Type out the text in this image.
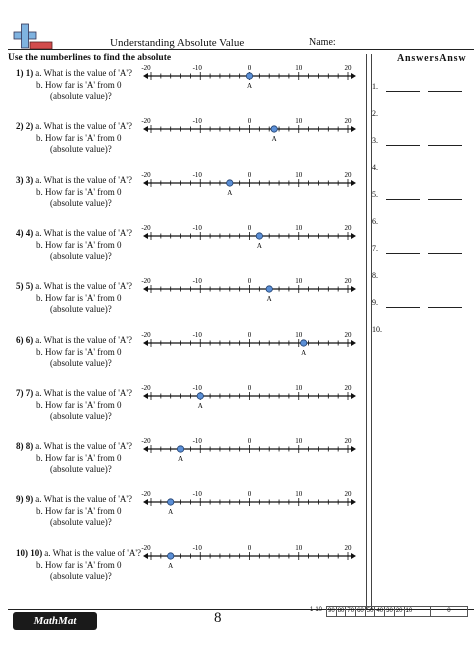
Understanding Absolute Value	Name:
Use the numberlines to find the absolute	AnswersAnsw
1) 1) a. What is the value of 'A'?
b. How far is 'A' from 0
(absolute value)?
-20	-10	0	10	20
A
2) 2) a. What is the value of 'A'?
b. How far is 'A' from 0
(absolute value)?
-20	-10	0	10	20
A
3) 3) a. What is the value of 'A'?
b. How far is 'A' from 0
(absolute value)?
-20	-10	0	10	20
A
4) 4) a. What is the value of 'A'?
b. How far is 'A' from 0
(absolute value)?
-20	-10	0	10	20
A
5) 5) a. What is the value of 'A'?
b. How far is 'A' from 0
(absolute value)?
-20	-10	0	10	20
A
6) 6) a. What is the value of 'A'?
b. How far is 'A' from 0
(absolute value)?
-20	-10	0	10	20
A
7) 7) a. What is the value of 'A'?
b. How far is 'A' from 0
(absolute value)?
-20	-10	0	10	20
A
8) 8) a. What is the value of 'A'?
b. How far is 'A' from 0
(absolute value)?
-20	-10	0	10	20
A
9) 9) a. What is the value of 'A'?
b. How far is 'A' from 0
(absolute value)?
-20	-10	0	10	20
A
10) 10) a. What is the value of 'A'?
b. How far is 'A' from 0
(absolute value)?
-20	-10	0	10	20
A
1.
2.
3.
4.
5.
6.
7.
8.
9.
10.
MathMat	8	1-10	90 80 70 60 50 40 30 20 10	0
